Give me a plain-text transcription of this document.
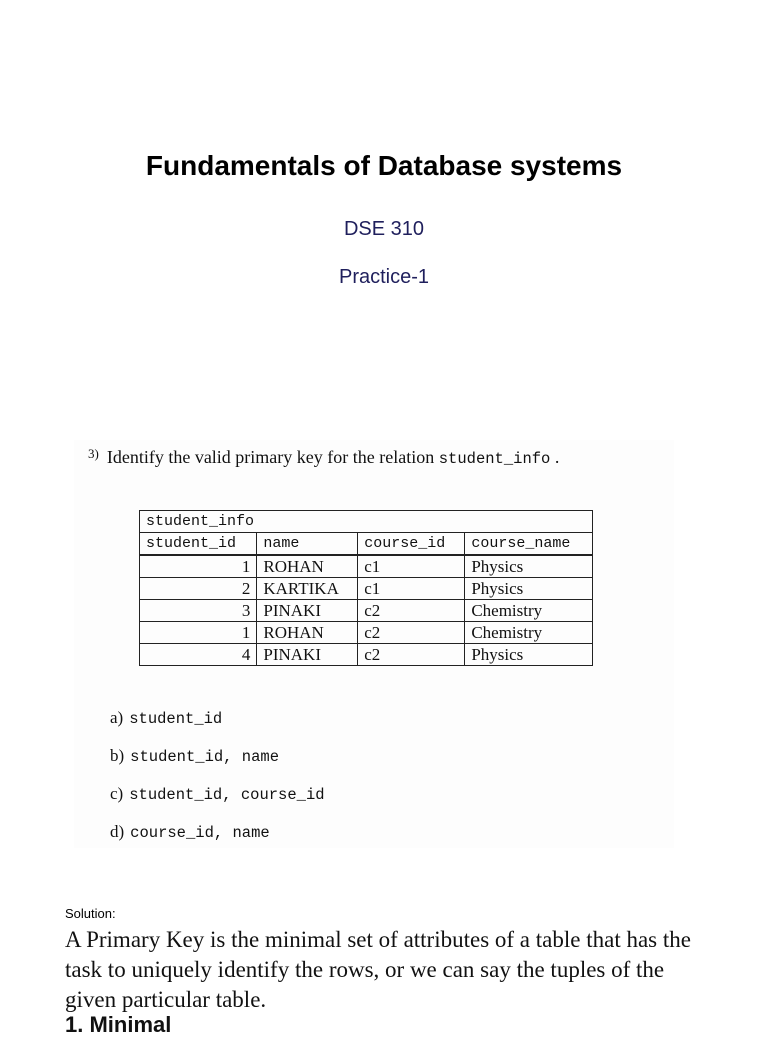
Fundamentals of Database systems
DSE 310
Practice-1
$^{3)}$ Identify the valid primary key for the relation student_info .
student_info			
student_id	name	course_id	course_name
1	ROHAN	c1	Physics
2	KARTIKA	c1	Physics
3	PINAKI	c2	Chemistry
1	ROHAN	c2	Chemistry
4	PINAKI	c2	Physics
a) student_id
b) student_id, name
c) student_id, course_id
d) course_id, name
Solution:
A Primary Key is the minimal set of attributes of a table that has the task to uniquely identify the rows, or we can say the tuples of the given particular table.
1. Minimal
